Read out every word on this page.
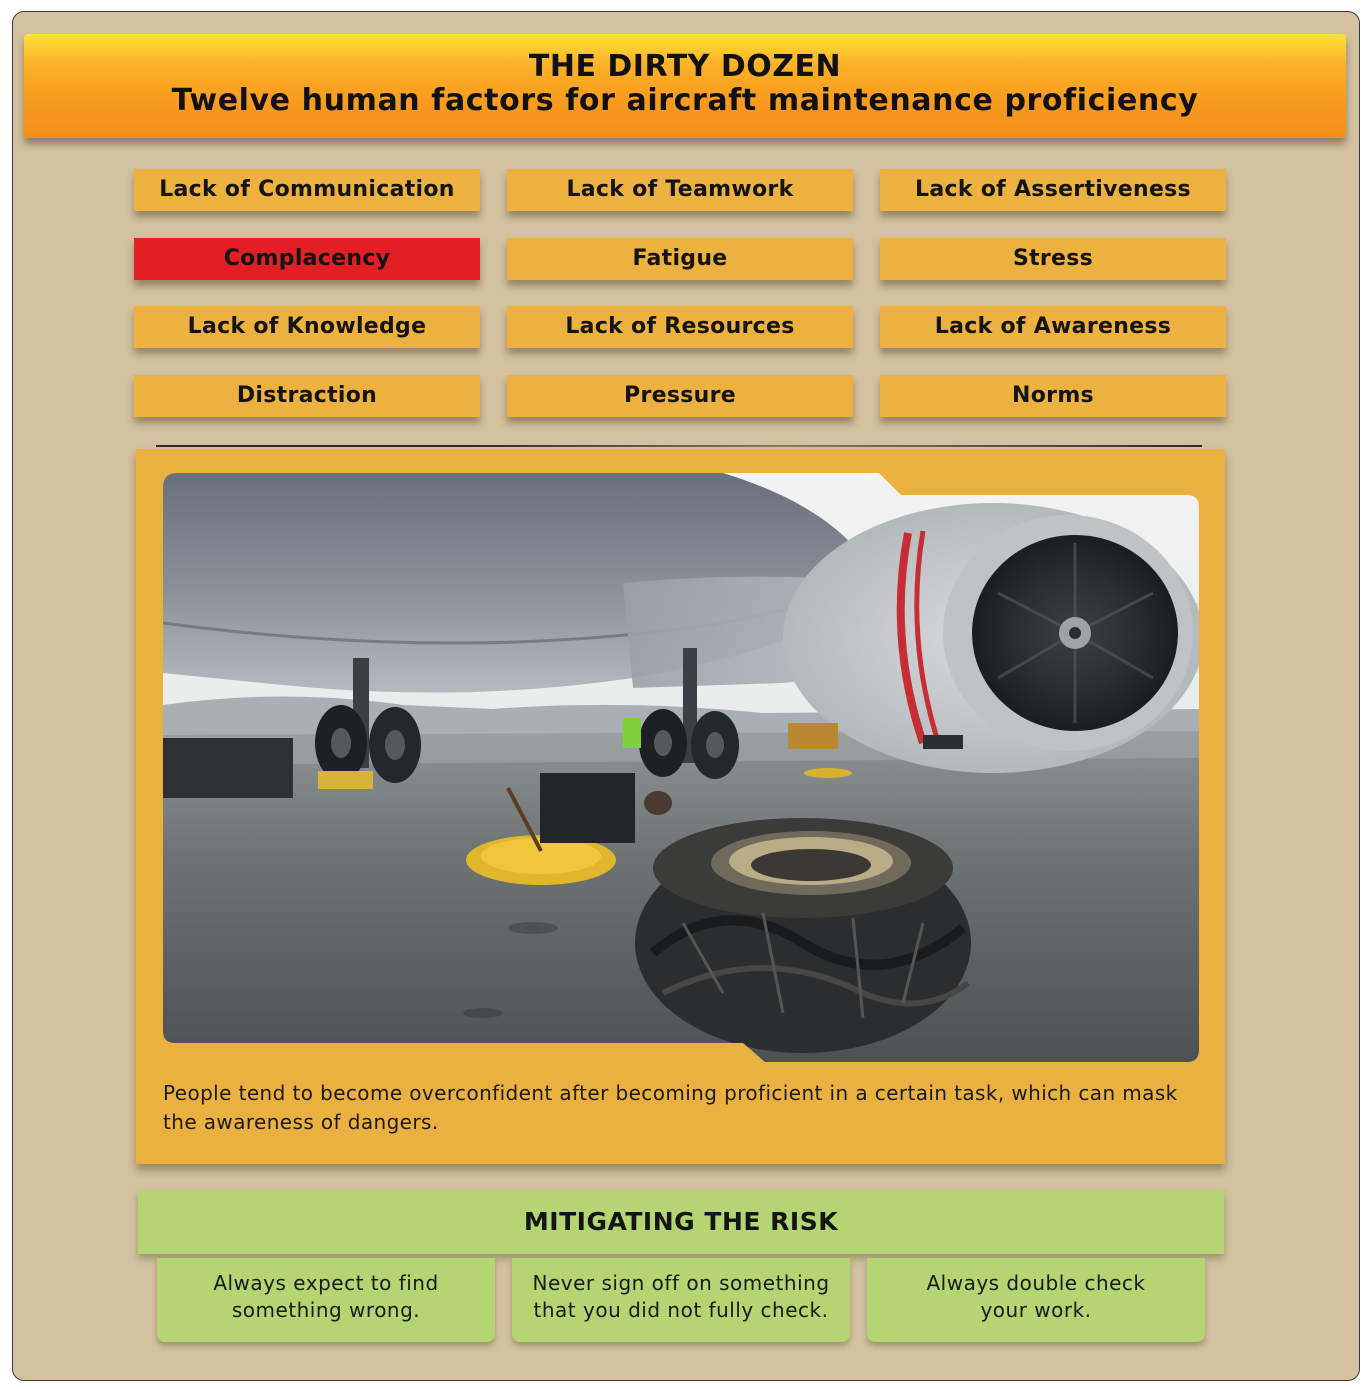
THE DIRTY DOZEN
Twelve human factors for aircraft maintenance proficiency
Lack of Communication	Lack of Teamwork	Lack of Assertiveness
Complacency	Fatigue	Stress
Lack of Knowledge	Lack of Resources	Lack of Awareness
Distraction	Pressure	Norms
People tend to become overconfident after becoming proficient in a certain task, which can mask the awareness of dangers.
MITIGATING THE RISK
Always expect to find
something wrong.
Never sign off on something
that you did not fully check.
Always double check
your work.
